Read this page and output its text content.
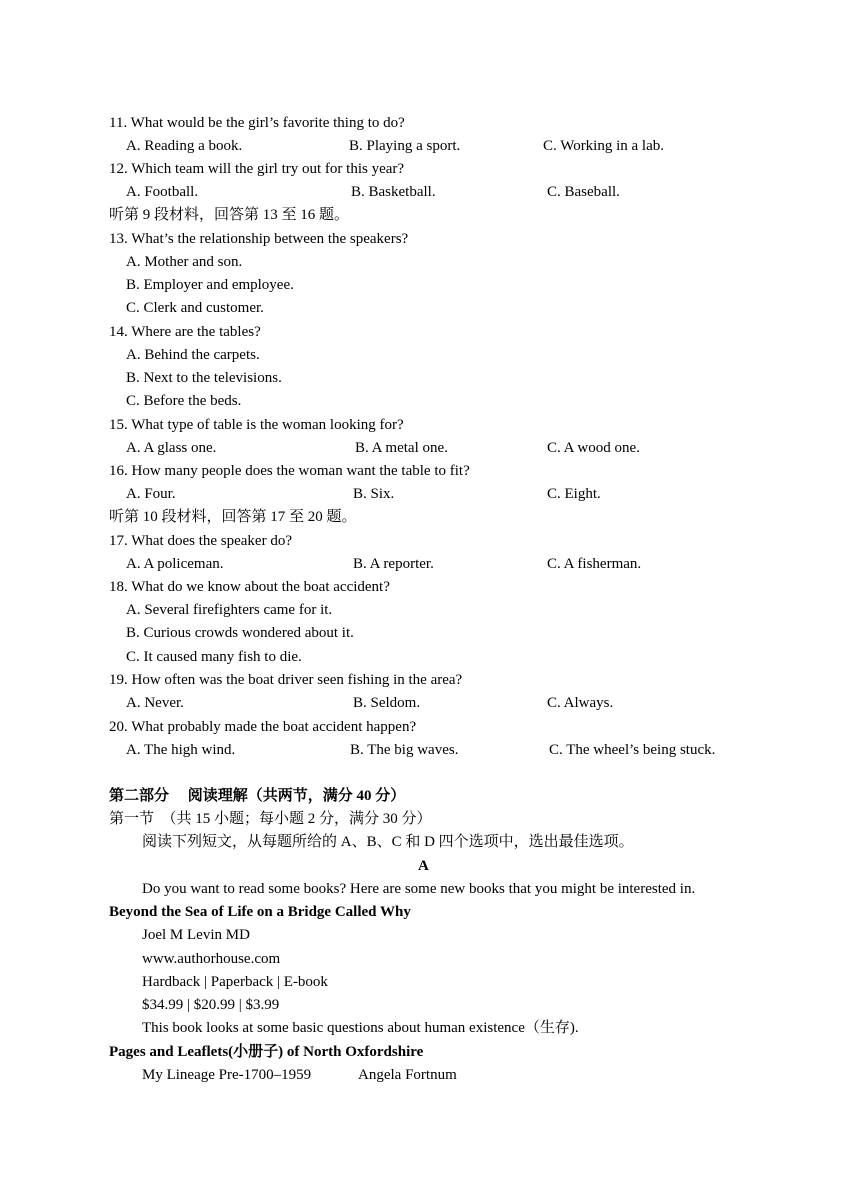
11. What would be the girl’s favorite thing to do?
A. Reading a book.	B. Playing a sport.	C. Working in a lab.
12. Which team will the girl try out for this year?
A. Football.	B. Basketball.	C. Baseball.
听第 9 段材料，回答第 13 至 16 题。
13. What’s the relationship between the speakers?
A. Mother and son.
B. Employer and employee.
C. Clerk and customer.
14. Where are the tables?
A. Behind the carpets.
B. Next to the televisions.
C. Before the beds.
15. What type of table is the woman looking for?
A. A glass one.	B. A metal one.	C. A wood one.
16. How many people does the woman want the table to fit?
A. Four.	B. Six.	C. Eight.
听第 10 段材料，回答第 17 至 20 题。
17. What does the speaker do?
A. A policeman.	B. A reporter.	C. A fisherman.
18. What do we know about the boat accident?
A. Several firefighters came for it.
B. Curious crowds wondered about it.
C. It caused many fish to die.
19. How often was the boat driver seen fishing in the area?
A. Never.	B. Seldom.	C. Always.
20. What probably made the boat accident happen?
A. The high wind.	B. The big waves.	C. The wheel’s being stuck.
第二部分　 阅读理解（共两节，满分 40 分）
第一节　（共 15 小题；每小题 2 分，满分 30 分）
阅读下列短文，从每题所给的 A、B、C 和 D 四个选项中，选出最佳选项。
A
Do you want to read some books? Here are some new books that you might be interested in.
Beyond the Sea of Life on a Bridge Called Why
Joel M Levin MD
www.authorhouse.com
Hardback | Paperback | E-book
$34.99 | $20.99 | $3.99
This book looks at some basic questions about human existence（生存).
Pages and Leaflets(小册子) of North Oxfordshire
My Lineage Pre-1700–1959	Angela Fortnum
